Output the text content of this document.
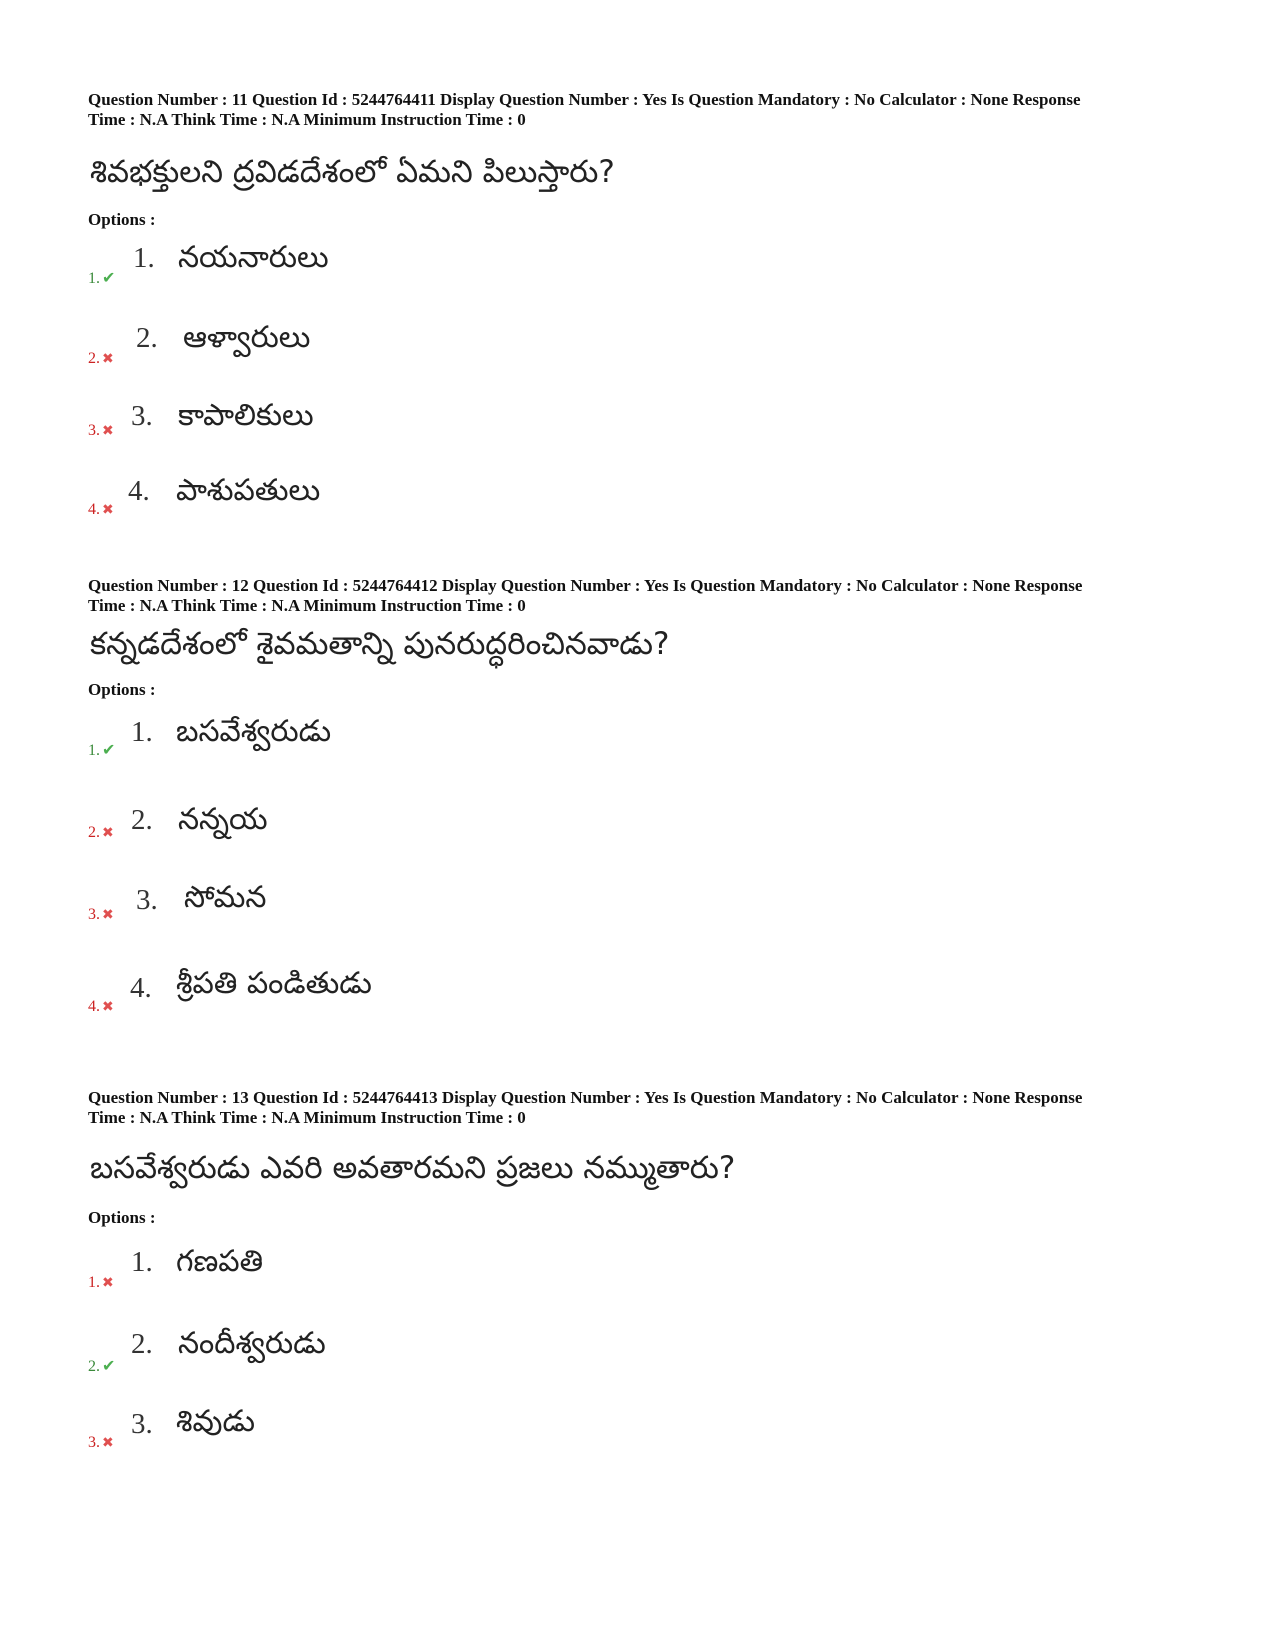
Question Number : 11 Question Id : 5244764411 Display Question Number : Yes Is Question Mandatory : No Calculator : None Response
Time : N.A Think Time : N.A Minimum Instruction Time : 0

శివభక్తులని ద్రవిడదేశంలో ఏమని పిలుస్తారు?

Options :

1. ✔
1. నయనారులు
2. ✖
2. ఆళ్వారులు
3. ✖ 3. కాపాలికులు
4. ✖
4. పాశుపతులు

Question Number : 12 Question Id : 5244764412 Display Question Number : Yes Is Question Mandatory : No Calculator : None Response
Time : N.A Think Time : N.A Minimum Instruction Time : 0

కన్నడదేశంలో శైవమతాన్ని పునరుద్ధరించినవాడు?

Options :

1. ✔
1. బసవేశ్వరుడు
2. ✖ 2. నన్నయ
3. ✖ 3. సోమన
4. ✖
4. శ్రీపతి పండితుడు

Question Number : 13 Question Id : 5244764413 Display Question Number : Yes Is Question Mandatory : No Calculator : None Response
Time : N.A Think Time : N.A Minimum Instruction Time : 0

బసవేశ్వరుడు ఎవరి అవతారమని ప్రజలు నమ్ముతారు?

Options :

1. ✖
1. గణపతి
2. ✔
2. నందీశ్వరుడు
3. ✖
3. శివుడు
